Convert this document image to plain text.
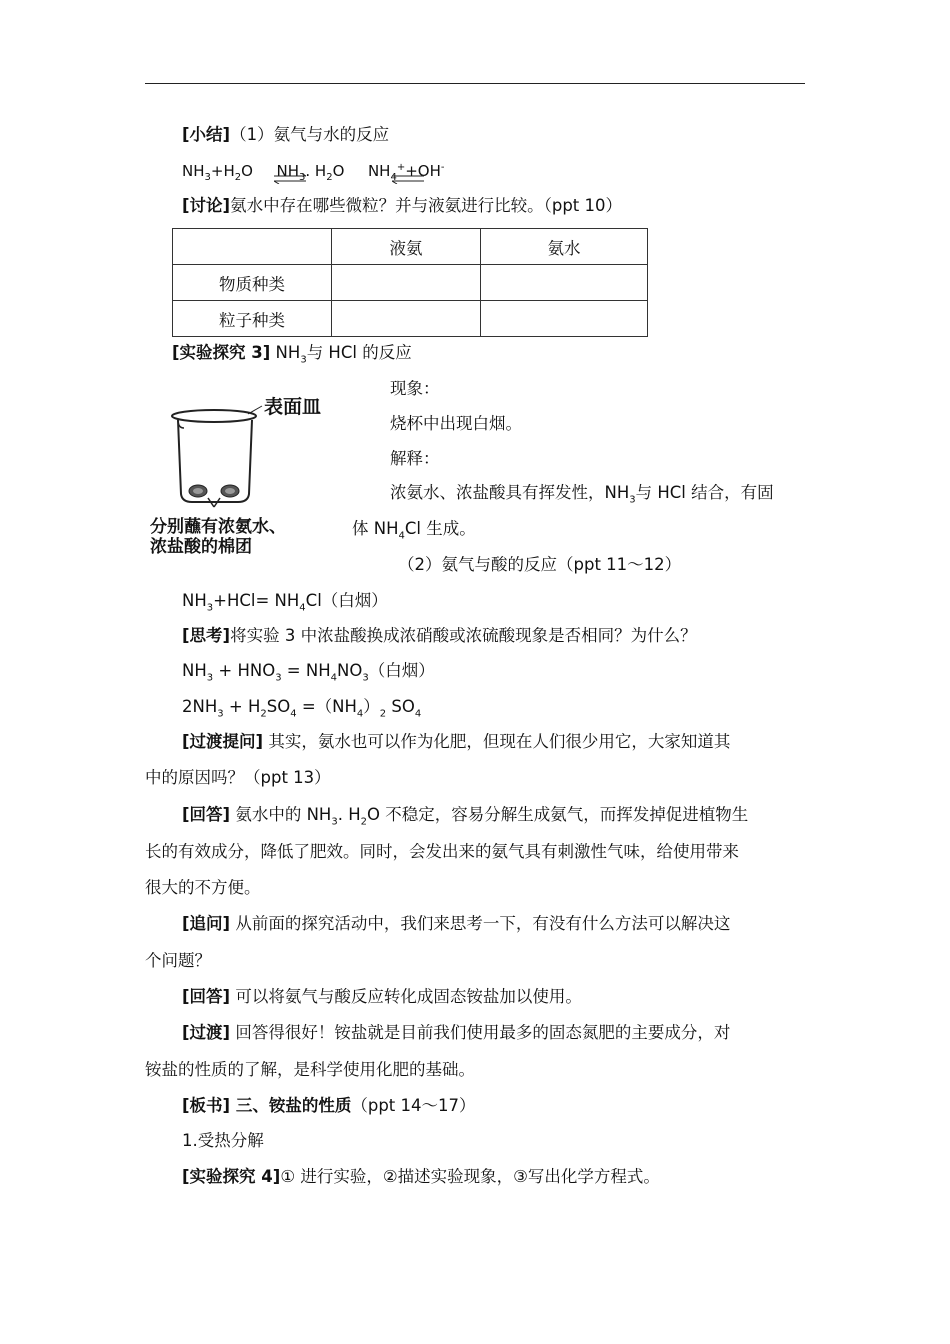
[小结]（1）氨气与水的反应
$NH_3+H_2O$ $NH_3$
. $H_2O$ $NH_4^++OH^-$
[讨论]氨水中存在哪些微粒？并与液氨进行比较。（ppt 10）
	液氨	氨水
物质种类		
粒子种类		
[实验探究 3] $NH_3$与 HCl 的反应
表面皿
分别蘸有浓氨水、
浓盐酸的棉团
现象：
烧杯中出现白烟。
解释：
浓氨水、浓盐酸具有挥发性，$NH_3$与 HCl 结合，有固
体 $NH_4Cl$ 生成。
（2）氨气与酸的反应（ppt 11～12）
$NH_3+HCl= NH_4Cl$（白烟）
[思考]将实验 3 中浓盐酸换成浓硝酸或浓硫酸现象是否相同？为什么？
$NH_3 + HNO_3 = NH_4NO_3$（白烟）
$2NH_3 + H_2SO_4 =(NH_4)_2$ $SO_4$
[过渡提问] 其实，氨水也可以作为化肥，但现在人们很少用它，大家知道其
中的原因吗？（ppt 13）
[回答] 氨水中的 $NH_3$. $H_2O$ 不稳定，容易分解生成氨气，而挥发掉促进植物生
长的有效成分，降低了肥效。同时，会发出来的氨气具有刺激性气味，给使用带来
很大的不方便。
[追问] 从前面的探究活动中，我们来思考一下，有没有什么方法可以解决这
个问题？
[回答] 可以将氨气与酸反应转化成固态铵盐加以使用。
[过渡] 回答得很好！铵盐就是目前我们使用最多的固态氮肥的主要成分，对
铵盐的性质的了解，是科学使用化肥的基础。
[板书] 三、铵盐的性质（ppt 14～17）
1.受热分解
[实验探究 4]① 进行实验，②描述实验现象，③写出化学方程式。
